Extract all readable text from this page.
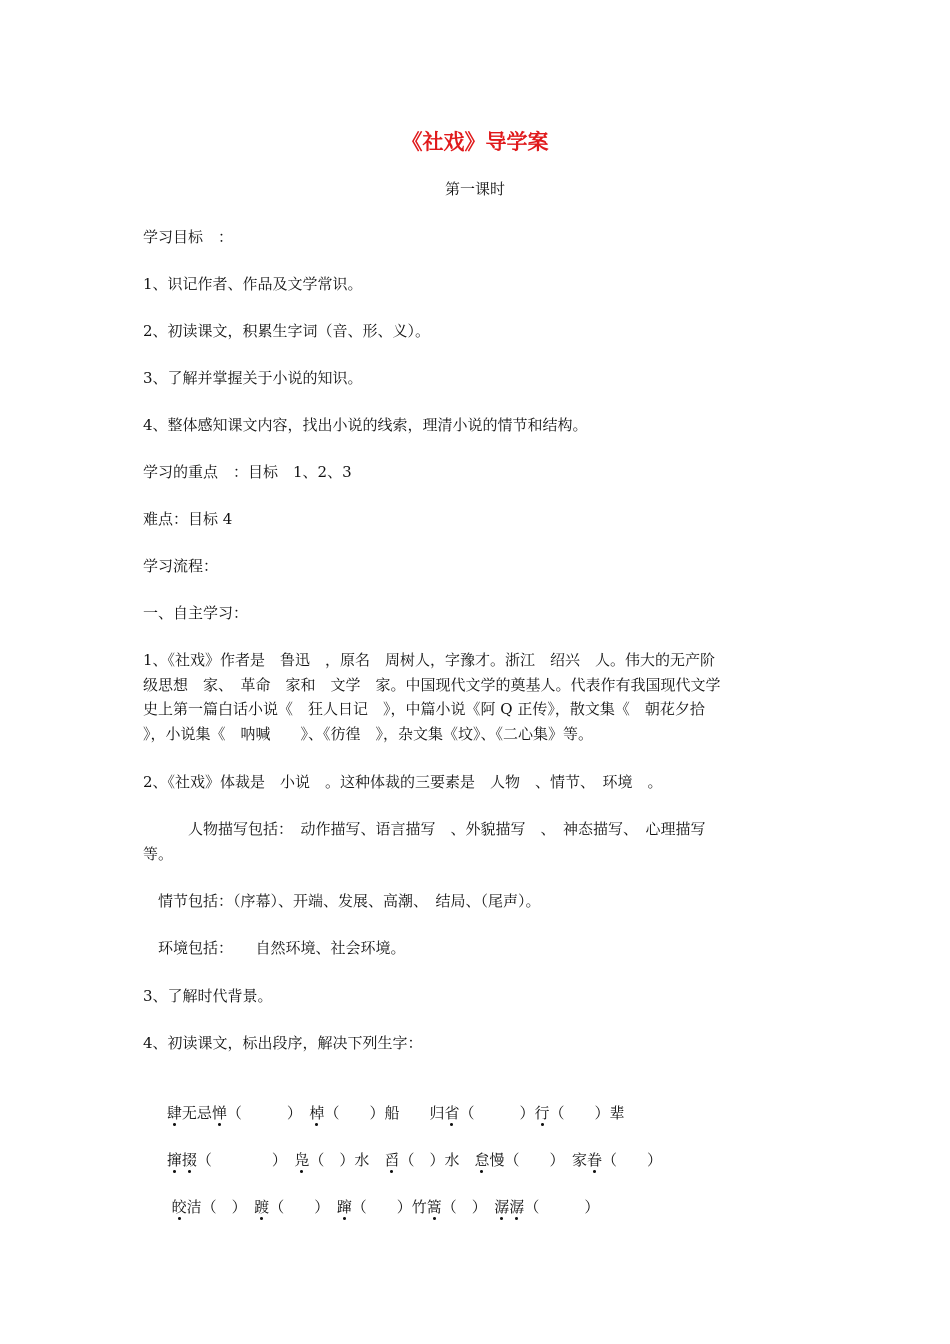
《社戏》导学案
第一课时
学习目标　：
1、识记作者、作品及文学常识。
2、初读课文，积累生字词（音、形、义）。
3、了解并掌握关于小说的知识。
4、整体感知课文内容，找出小说的线索，理清小说的情节和结构。
学习的重点　：目标　1、2、3
难点：目标 4
学习流程：
一、自主学习：
1、《社戏》作者是　鲁迅　，原名　周树人，字豫才。浙江　绍兴　人。伟大的无产阶
级思想　家、　革命　家和　文学　家。中国现代文学的奠基人。代表作有我国现代文学
史上第一篇白话小说《　狂人日记　》，中篇小说《阿 Q 正传》，散文集《　朝花夕拾
》，小说集《　呐喊　　》、《彷徨　》，杂文集《坟》、《二心集》等。
2、《社戏》体裁是　小说　。这种体裁的三要素是　人物　、情节、　环境　。
　　　人物描写包括：　动作描写、语言描写　、外貌描写　、　神态描写、　心理描写
等。
　情节包括：（序幕）、开端、发展、高潮、　结局、（尾声）。
　环境包括：　　自然环境、社会环境。
3、了解时代背景。
4、初读课文，标出段序，解决下列生字：

肆无忌惮（　　　）　棹（　　）船　　归省（　　　）行（　　）辈

撺掇（　　　　）　凫（　）水　舀（　）水　怠慢（　　）　家眷（　　）

皎洁（　）　踱（　　）　蹿（　　）竹篙（　）　潺潺（　　　）
